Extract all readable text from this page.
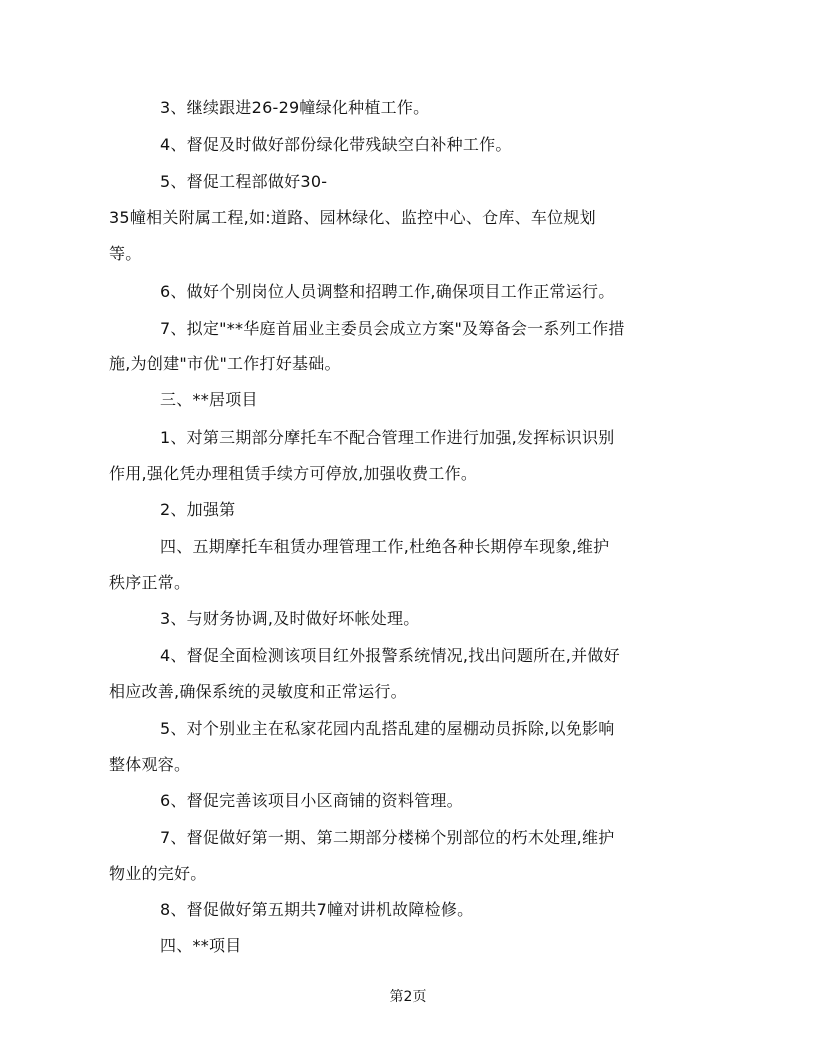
3、继续跟进26-29幢绿化种植工作。
4、督促及时做好部份绿化带残缺空白补种工作。
5、督促工程部做好30-
35幢相关附属工程,如:道路、园林绿化、监控中心、仓库、车位规划
等。
6、做好个别岗位人员调整和招聘工作,确保项目工作正常运行。
7、拟定"**华庭首届业主委员会成立方案"及筹备会一系列工作措
施,为创建"市优"工作打好基础。
三、**居项目
1、对第三期部分摩托车不配合管理工作进行加强,发挥标识识别
作用,强化凭办理租赁手续方可停放,加强收费工作。
2、加强第
四、五期摩托车租赁办理管理工作,杜绝各种长期停车现象,维护
秩序正常。
3、与财务协调,及时做好坏帐处理。
4、督促全面检测该项目红外报警系统情况,找出问题所在,并做好
相应改善,确保系统的灵敏度和正常运行。
5、对个别业主在私家花园内乱搭乱建的屋棚动员拆除,以免影响
整体观容。
6、督促完善该项目小区商铺的资料管理。
7、督促做好第一期、第二期部分楼梯个别部位的朽木处理,维护
物业的完好。
8、督促做好第五期共7幢对讲机故障检修。
四、**项目
第2页
